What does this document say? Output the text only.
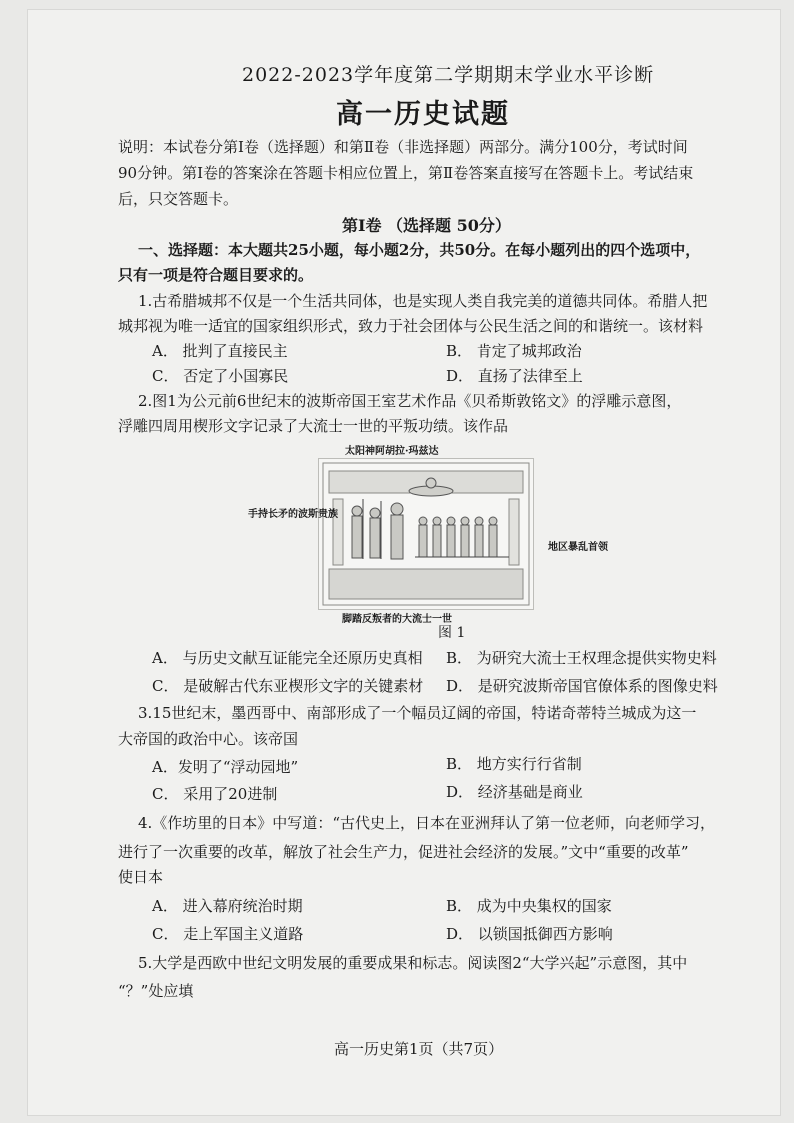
2022-2023学年度第二学期期末学业水平诊断
高一历史试题
说明：本试卷分第Ⅰ卷（选择题）和第Ⅱ卷（非选择题）两部分。满分100分，考试时间
90分钟。第Ⅰ卷的答案涂在答题卡相应位置上，第Ⅱ卷答案直接写在答题卡上。考试结束
后，只交答题卡。
第Ⅰ卷 （选择题 50分）
一、选择题：本大题共25小题，每小题2分，共50分。在每小题列出的四个选项中，
只有一项是符合题目要求的。
1.古希腊城邦不仅是一个生活共同体，也是实现人类自我完美的道德共同体。希腊人把
城邦视为唯一适宜的国家组织形式，致力于社会团体与公民生活之间的和谐统一。该材料
A． 批判了直接民主	B． 肯定了城邦政治
C． 否定了小国寡民	D． 直扬了法律至上
2.图1为公元前6世纪末的波斯帝国王室艺术作品《贝希斯敦铭文》的浮雕示意图，
浮雕四周用楔形文字记录了大流士一世的平叛功绩。该作品
太阳神阿胡拉·玛兹达
手持长矛的波斯贵族
地区暴乱首领
脚踏反叛者的大流士一世
图 1
A． 与历史文献互证能完全还原历史真相 B． 为研究大流士王权理念提供实物史料
C． 是破解古代东亚楔形文字的关键素材 D． 是研究波斯帝国官僚体系的图像史料
3.15世纪末，墨西哥中、南部形成了一个幅员辽阔的帝国，特诺奇蒂特兰城成为这一
大帝国的政治中心。该帝国
A．发明了“浮动园地”	B． 地方实行行省制
C． 采用了20进制	D． 经济基础是商业
4.《作坊里的日本》中写道：“古代史上，日本在亚洲拜认了第一位老师，向老师学习，
进行了一次重要的改革，解放了社会生产力，促进社会经济的发展。”文中“重要的改革”
使日本
A． 进入幕府统治时期	B． 成为中央集权的国家
C． 走上军国主义道路	D． 以锁国抵御西方影响
5.大学是西欧中世纪文明发展的重要成果和标志。阅读图2“大学兴起”示意图，其中
“？”处应填
高一历史第1页（共7页）
